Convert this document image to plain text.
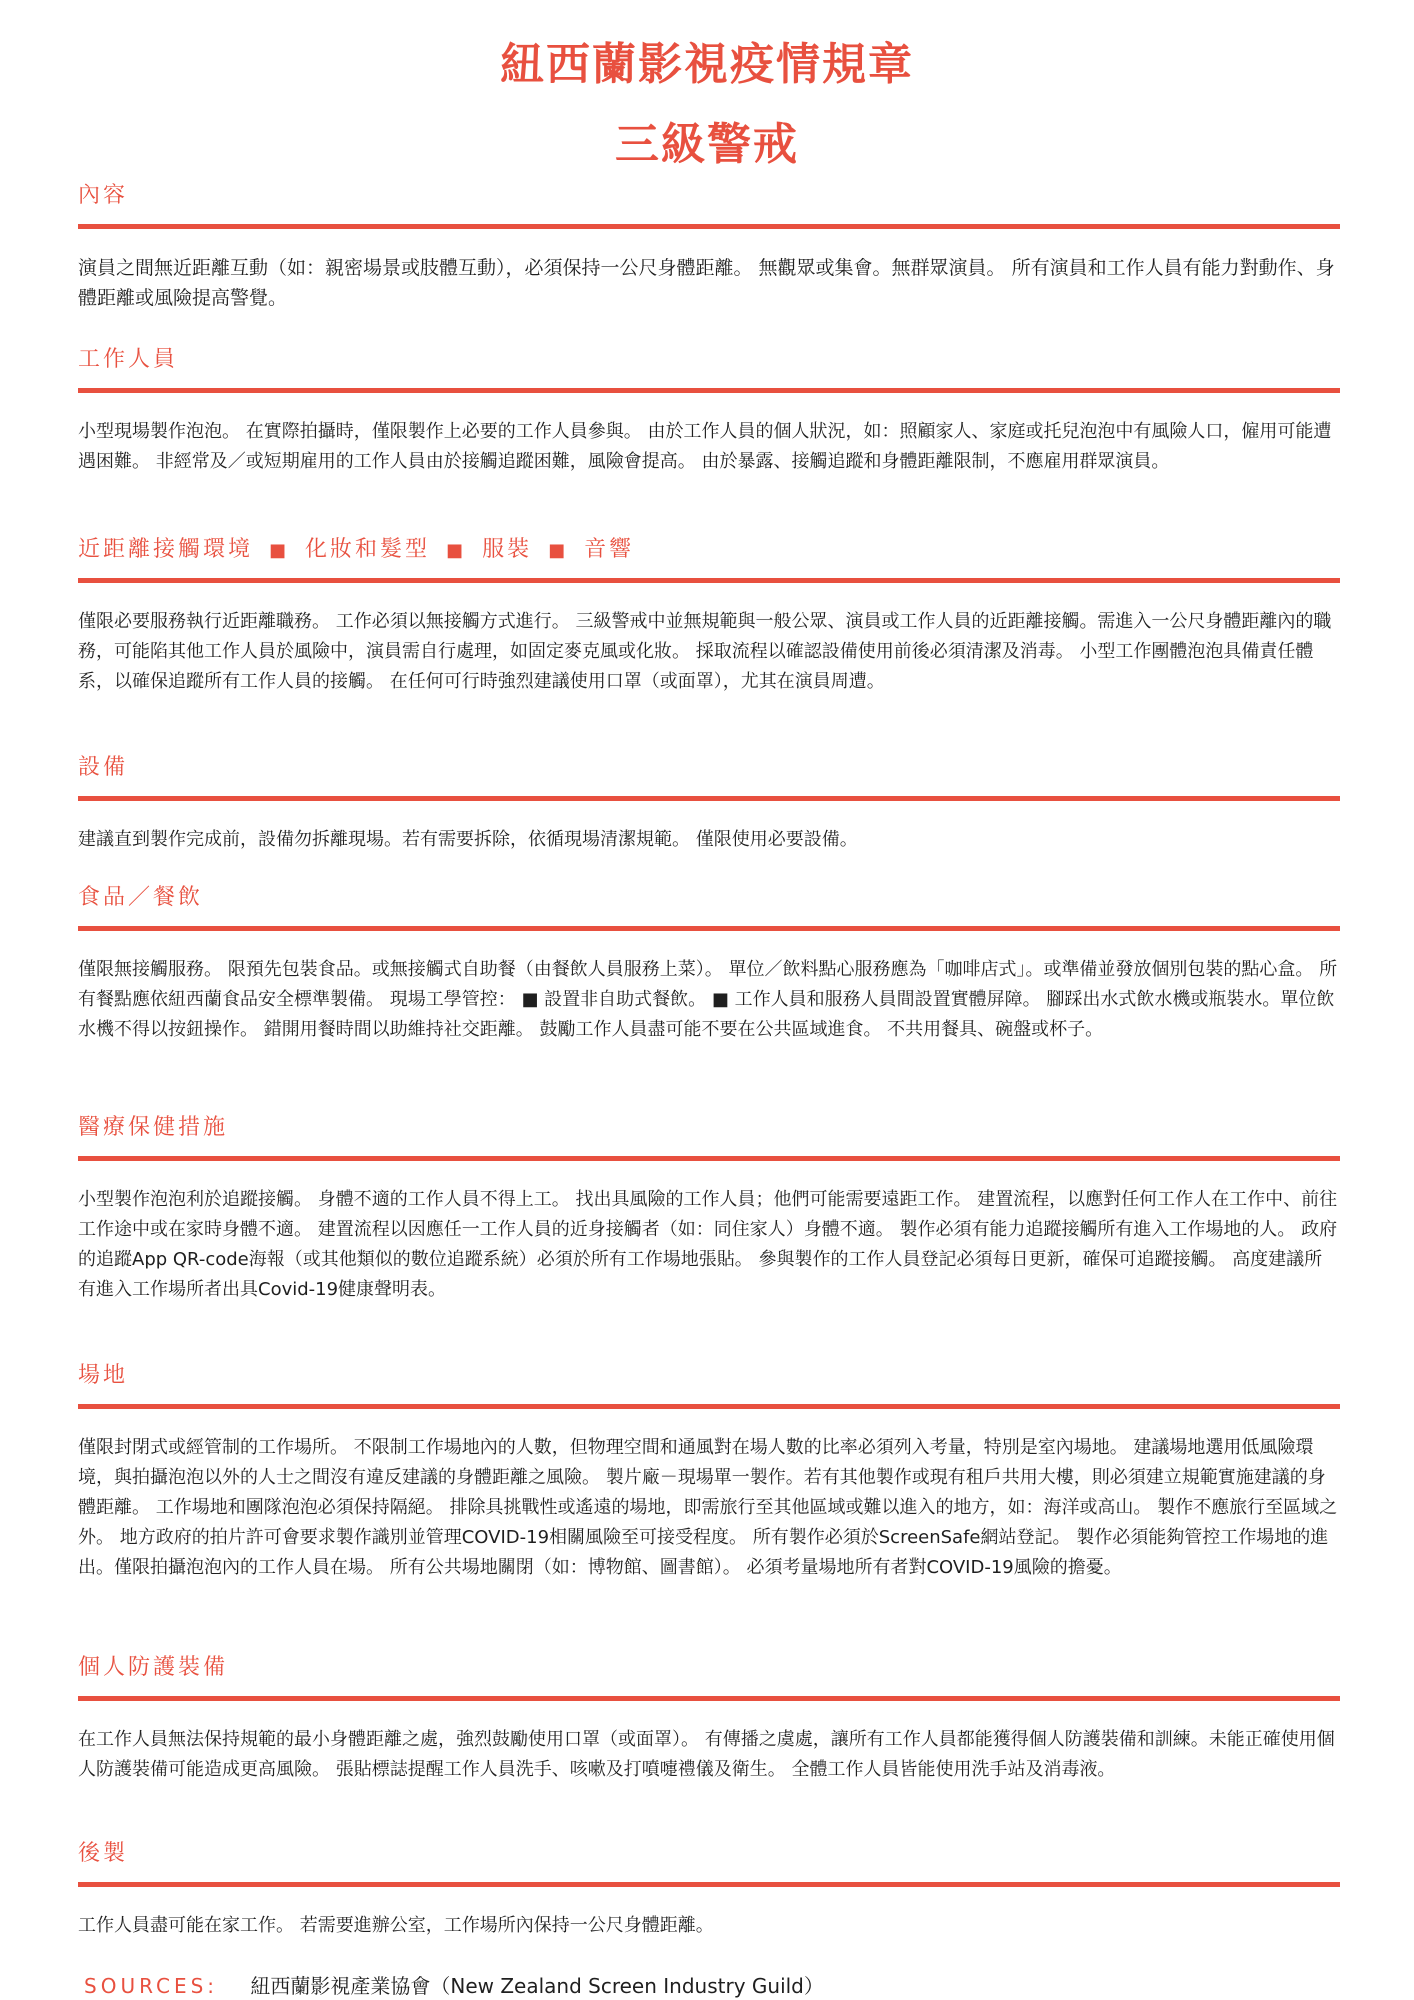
紐西蘭影視疫情規章
三級警戒
內容

演員之間無近距離互動（如：親密場景或肢體互動），必須保持一公尺身體距離。 無觀眾或集會。無群眾演員。 所有演員和工作人員有能力對動作、身體距離或風險提高警覺。

工作人員

小型現場製作泡泡。 在實際拍攝時，僅限製作上必要的工作人員參與。 由於工作人員的個人狀況，如：照顧家人、家庭或托兒泡泡中有風險人口，僱用可能遭遇困難。 非經常及／或短期雇用的工作人員由於接觸追蹤困難，風險會提高。 由於暴露、接觸追蹤和身體距離限制，不應雇用群眾演員。

近距離接觸環境 ■ 化妝和髮型 ■ 服裝 ■ 音響

僅限必要服務執行近距離職務。 工作必須以無接觸方式進行。 三級警戒中並無規範與一般公眾、演員或工作人員的近距離接觸。需進入一公尺身體距離內的職務，可能陷其他工作人員於風險中，演員需自行處理，如固定麥克風或化妝。 採取流程以確認設備使用前後必須清潔及消毒。 小型工作團體泡泡具備責任體系，以確保追蹤所有工作人員的接觸。 在任何可行時強烈建議使用口罩（或面罩），尤其在演員周遭。

設備

建議直到製作完成前，設備勿拆離現場。若有需要拆除，依循現場清潔規範。 僅限使用必要設備。

食品／餐飲

僅限無接觸服務。 限預先包裝食品。或無接觸式自助餐（由餐飲人員服務上菜）。 單位／飲料點心服務應為「咖啡店式」。或準備並發放個別包裝的點心盒。 所有餐點應依紐西蘭食品安全標準製備。 現場工學管控： ■ 設置非自助式餐飲。 ■ 工作人員和服務人員間設置實體屏障。 腳踩出水式飲水機或瓶裝水。單位飲水機不得以按鈕操作。 錯開用餐時間以助維持社交距離。 鼓勵工作人員盡可能不要在公共區域進食。 不共用餐具、碗盤或杯子。

醫療保健措施

小型製作泡泡利於追蹤接觸。 身體不適的工作人員不得上工。 找出具風險的工作人員；他們可能需要遠距工作。 建置流程，以應對任何工作人在工作中、前往工作途中或在家時身體不適。 建置流程以因應任一工作人員的近身接觸者（如：同住家人）身體不適。 製作必須有能力追蹤接觸所有進入工作場地的人。 政府的追蹤App QR-code海報（或其他類似的數位追蹤系統）必須於所有工作場地張貼。 參與製作的工作人員登記必須每日更新，確保可追蹤接觸。 高度建議所有進入工作場所者出具Covid-19健康聲明表。

場地

僅限封閉式或經管制的工作場所。 不限制工作場地內的人數，但物理空間和通風對在場人數的比率必須列入考量，特別是室內場地。 建議場地選用低風險環境，與拍攝泡泡以外的人士之間沒有違反建議的身體距離之風險。 製片廠－現場單一製作。若有其他製作或現有租戶共用大樓，則必須建立規範實施建議的身體距離。 工作場地和團隊泡泡必須保持隔絕。 排除具挑戰性或遙遠的場地，即需旅行至其他區域或難以進入的地方，如：海洋或高山。 製作不應旅行至區域之外。 地方政府的拍片許可會要求製作識別並管理COVID-19相關風險至可接受程度。 所有製作必須於ScreenSafe網站登記。 製作必須能夠管控工作場地的進出。僅限拍攝泡泡內的工作人員在場。 所有公共場地關閉（如：博物館、圖書館）。 必須考量場地所有者對COVID-19風險的擔憂。

個人防護裝備

在工作人員無法保持規範的最小身體距離之處，強烈鼓勵使用口罩（或面罩）。 有傳播之虞處，讓所有工作人員都能獲得個人防護裝備和訓練。未能正確使用個人防護裝備可能造成更高風險。 張貼標誌提醒工作人員洗手、咳嗽及打噴嚏禮儀及衛生。 全體工作人員皆能使用洗手站及消毒液。

後製

工作人員盡可能在家工作。 若需要進辦公室，工作場所內保持一公尺身體距離。

SOURCES: 紐西蘭影視產業協會（New Zealand Screen Industry Guild）
